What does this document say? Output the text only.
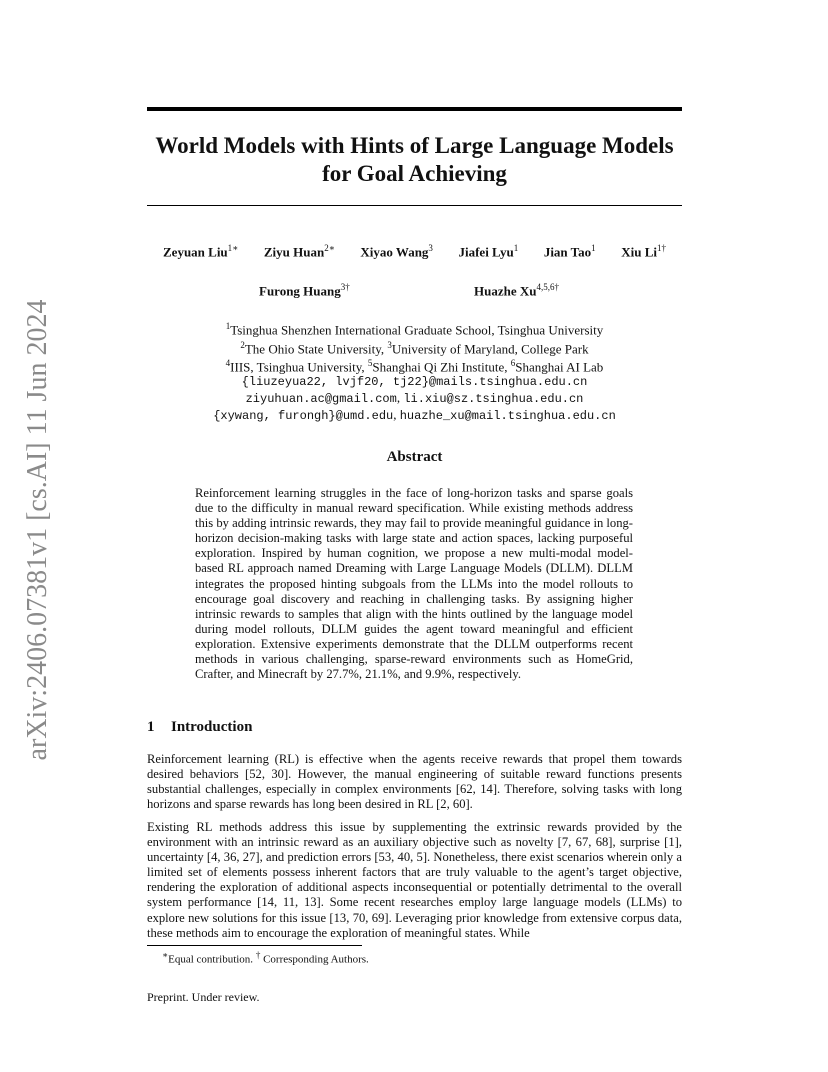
arXiv:2406.07381v1 [cs.AI] 11 Jun 2024
World Models with Hints of Large Language Models
for Goal Achieving
Zeyuan Liu$^{1∗}$ Ziyu Huan$^{2∗}$ Xiyao Wang$^3$ Jiafei Lyu$^1$ Jian Tao$^1$ Xiu $Li^{1\dagger}$
Furong Huang$^{3\dagger}$	Huazhe $Xu^{4,5,6\dagger}$
$^1$Tsinghua Shenzhen International Graduate School, Tsinghua University
$^2$The Ohio State University, $^3$University of Maryland, College Park
$^4$IIIS, Tsinghua University, $^5$Shanghai Qi Zhi Institute, $^6$Shanghai AI Lab
{liuzeyua22, lvjf20, tj22}@mails.tsinghua.edu.cn
ziyuhuan.ac@gmail.com, li.xiu@sz.tsinghua.edu.cn
{xywang, furongh}@umd.edu, huazhe_xu@mail.tsinghua.edu.cn
Abstract
Reinforcement learning struggles in the face of long-horizon tasks and sparse goals due to the difficulty in manual reward specification. While existing methods address this by adding intrinsic rewards, they may fail to provide meaningful guidance in long-horizon decision-making tasks with large state and action spaces, lacking purposeful exploration. Inspired by human cognition, we propose a new multi-modal model-based RL approach named Dreaming with Large Language Models (DLLM). DLLM integrates the proposed hinting subgoals from the LLMs into the model rollouts to encourage goal discovery and reaching in challenging tasks. By assigning higher intrinsic rewards to samples that align with the hints outlined by the language model during model rollouts, DLLM guides the agent toward meaningful and efficient exploration. Extensive experiments demonstrate that the DLLM outperforms recent methods in various challenging, sparse-reward environments such as HomeGrid, Crafter, and Minecraft by 27.7%, 21.1%, and 9.9%, respectively.
1 Introduction
Reinforcement learning (RL) is effective when the agents receive rewards that propel them towards desired behaviors [52, 30]. However, the manual engineering of suitable reward functions presents substantial challenges, especially in complex environments [62, 14]. Therefore, solving tasks with long horizons and sparse rewards has long been desired in RL [2, 60].
Existing RL methods address this issue by supplementing the extrinsic rewards provided by the environment with an intrinsic reward as an auxiliary objective such as novelty [7, 67, 68], surprise [1], uncertainty [4, 36, 27], and prediction errors [53, 40, 5]. Nonetheless, there exist scenarios wherein only a limited set of elements possess inherent factors that are truly valuable to the agent’s target objective, rendering the exploration of additional aspects inconsequential or potentially detrimental to the overall system performance [14, 11, 13]. Some recent researches employ large language models (LLMs) to explore new solutions for this issue [13, 70, 69]. Leveraging prior knowledge from extensive corpus data, these methods aim to encourage the exploration of meaningful states. While
∗Equal contribution. † Corresponding Authors.
Preprint. Under review.
